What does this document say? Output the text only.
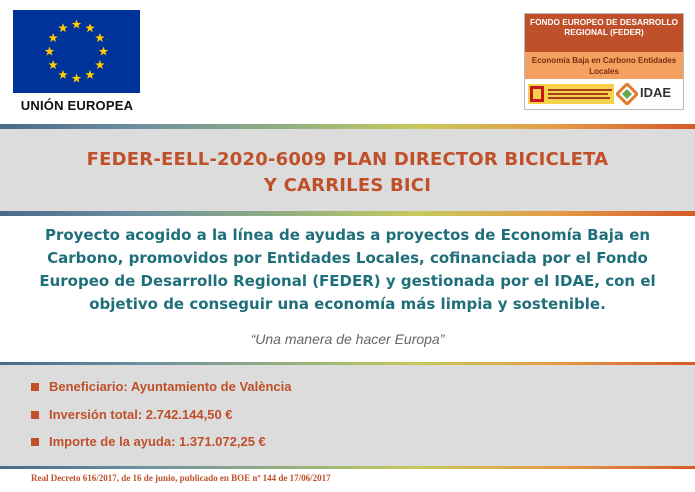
UNIÓN EUROPEA
FONDO EUROPEO DE DESARROLLO REGIONAL (FEDER)
Economía Baja en Carbono Entidades Locales
IDAE
FEDER-EELL-2020-6009 PLAN DIRECTOR BICICLETA
Y CARRILES BICI
Proyecto acogido a la línea de ayudas a proyectos de Economía Baja en Carbono, promovidos por Entidades Locales, cofinanciada por el Fondo Europeo de Desarrollo Regional (FEDER) y gestionada por el IDAE, con el objetivo de conseguir una economía más limpia y sostenible.
“Una manera de hacer Europa”
Beneficiario: Ayuntamiento de València
Inversión total: 2.742.144,50 €
Importe de la ayuda: 1.371.072,25 €
Real Decreto 616/2017, de 16 de junio, publicado en BOE nº 144 de 17/06/2017
